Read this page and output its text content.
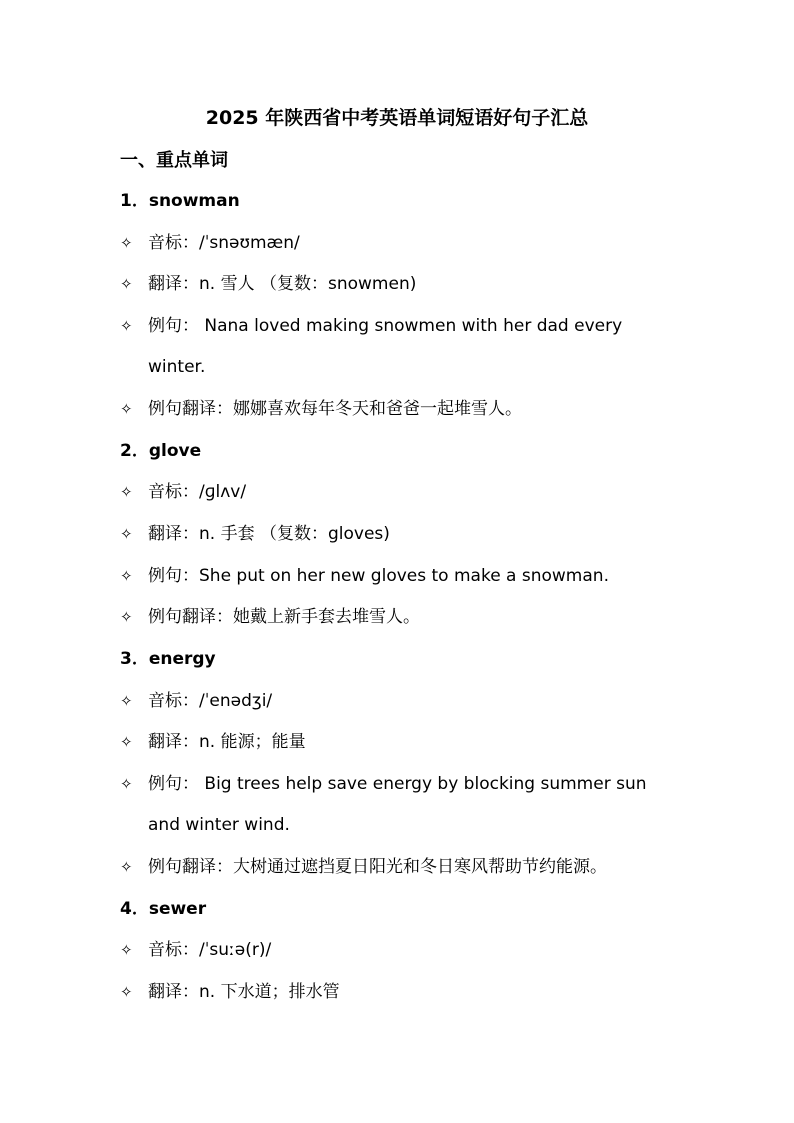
2025 年陕西省中考英语单词短语好句子汇总
一、重点单词
1．snowman
✧ 音标：/ˈsnəʊmæn/
✧ 翻译：n. 雪人 （复数：snowmen)
✧ 例句： Nana loved making snowmen with her dad every
winter.
✧ 例句翻译：娜娜喜欢每年冬天和爸爸一起堆雪人。
2．glove
✧ 音标：/ɡlʌv/
✧ 翻译：n. 手套 （复数：gloves)
✧ 例句：She put on her new gloves to make a snowman.
✧ 例句翻译：她戴上新手套去堆雪人。
3．energy
✧ 音标：/ˈenədʒi/
✧ 翻译：n. 能源；能量
✧ 例句： Big trees help save energy by blocking summer sun
and winter wind.
✧ 例句翻译：大树通过遮挡夏日阳光和冬日寒风帮助节约能源。
4．sewer
✧ 音标：/ˈsuːə(r)/
✧ 翻译：n. 下水道；排水管
